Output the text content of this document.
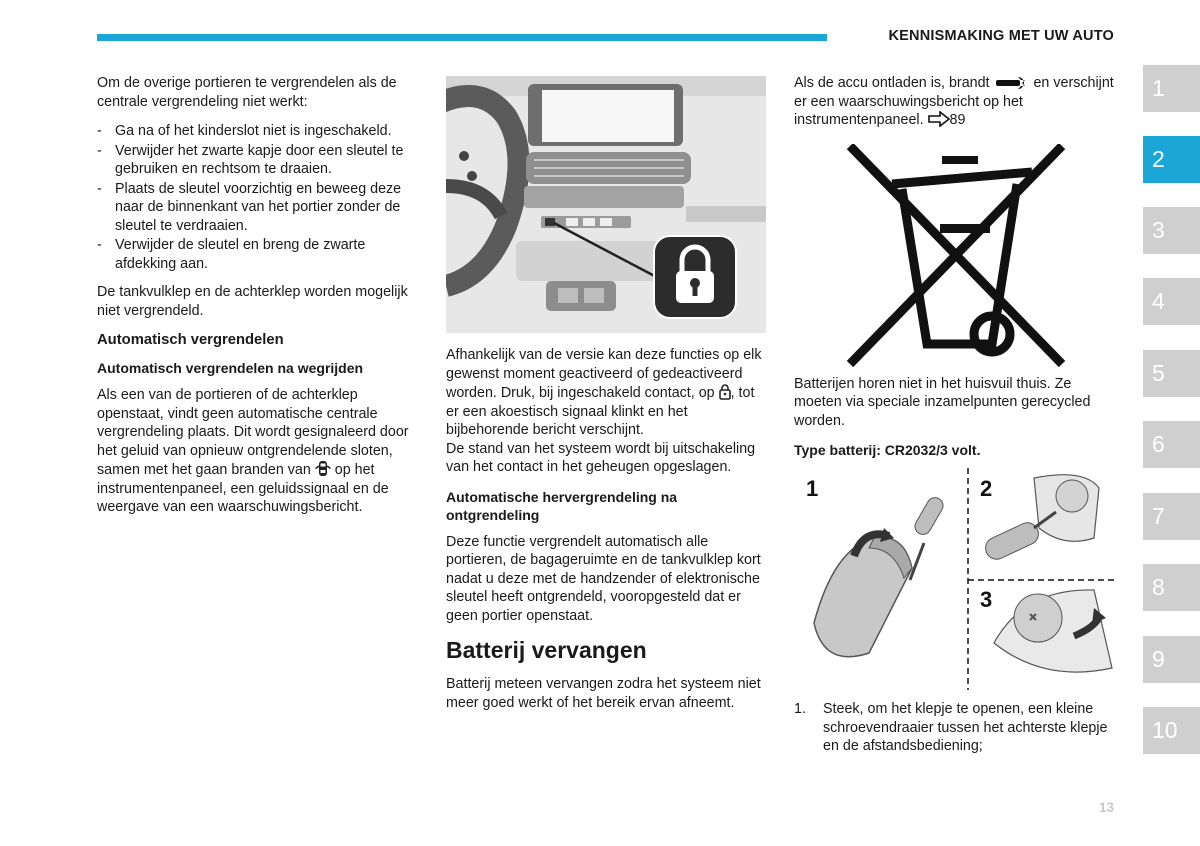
KENNISMAKING MET UW AUTO

Om de overige portieren te vergrendelen als de centrale vergrendeling niet werkt:

- Ga na of het kinderslot niet is ingeschakeld.
- Verwijder het zwarte kapje door een sleutel te gebruiken en rechtsom te draaien.
- Plaats de sleutel voorzichtig en beweeg deze naar de binnenkant van het portier zonder de sleutel te verdraaien.
- Verwijder de sleutel en breng de zwarte afdekking aan.

De tankvulklep en de achterklep worden mogelijk niet vergrendeld.

Automatisch vergrendelen
Automatisch vergrendelen na wegrijden

Als een van de portieren of de achterklep openstaat, vindt geen automatische centrale vergrendeling plaats. Dit wordt gesignaleerd door het geluid van opnieuw ontgrendelende sloten, samen met het gaan branden van op het instrumentenpaneel, een geluidssignaal en de weergave van een waarschuwingsbericht.

Afhankelijk van de versie kan deze functies op elk gewenst moment geactiveerd of gedeactiveerd worden. Druk, bij ingeschakeld contact, op , tot er een akoestisch signaal klinkt en het bijbehorende bericht verschijnt.

De stand van het systeem wordt bij uitschakeling van het contact in het geheugen opgeslagen.

Automatische hervergrendeling na ontgrendeling

Deze functie vergrendelt automatisch alle portieren, de bagageruimte en de tankvulklep kort nadat u deze met de handzender of elektronische sleutel heeft ontgrendeld, vooropgesteld dat er geen portier openstaat.

Batterij vervangen

Batterij meteen vervangen zodra het systeem niet meer goed werkt of het bereik ervan afneemt.

Als de accu ontladen is, brandt	en verschijnt er een waarschuwingsbericht op het instrumentenpaneel. 89

Batterijen horen niet in het huisvuil thuis. Ze moeten via speciale inzamelpunten gerecycled worden.

Type batterij: CR2032/3 volt.
1	2
3
1. Steek, om het klepje te openen, een kleine schroevendraaier tussen het achterste klepje en de afstandsbediening;
1
2
3
4
5
6
7
8
9
10
13
